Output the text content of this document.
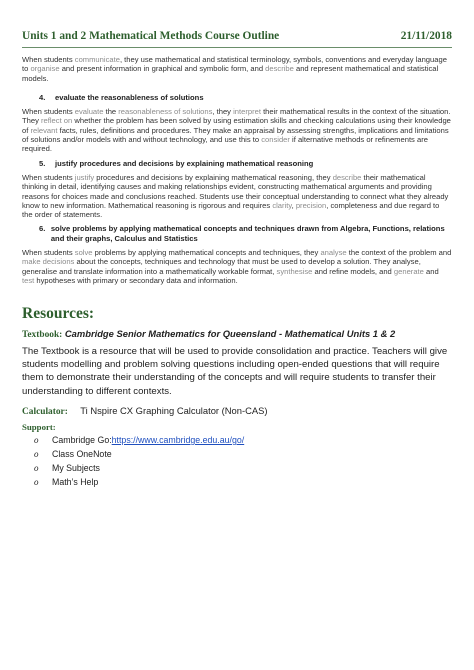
Units 1 and 2 Mathematical Methods Course Outline	21/11/2018

When students communicate, they use mathematical and statistical terminology, symbols, conventions and everyday language to organise and present information in graphical and symbolic form, and describe and represent mathematical and statistical models.

4.	evaluate the reasonableness of solutions

When students evaluate the reasonableness of solutions, they interpret their mathematical results in the context of the situation. They reflect on whether the problem has been solved by using estimation skills and checking calculations using their knowledge of relevant facts, rules, definitions and procedures. They make an appraisal by assessing strengths, implications and limitations of solutions and/or models with and without technology, and use this to consider if alternative methods or refinements are required.

5.	justify procedures and decisions by explaining mathematical reasoning

When students justify procedures and decisions by explaining mathematical reasoning, they describe their mathematical thinking in detail, identifying causes and making relationships evident, constructing mathematical arguments and providing reasons for choices made and conclusions reached. Students use their conceptual understanding to connect what they already know to new information. Mathematical reasoning is rigorous and requires clarity, precision, completeness and due regard to the order of statements.

6. solve problems by applying mathematical concepts and techniques drawn from Algebra, Functions, relations and their graphs, Calculus and Statistics

When students solve problems by applying mathematical concepts and techniques, they analyse the context of the problem and make decisions about the concepts, techniques and technology that must be used to develop a solution. They analyse, generalise and translate information into a mathematically workable format, synthesise and refine models, and generate and test hypotheses with primary or secondary data and information.

Resources:
Textbook: Cambridge Senior Mathematics for Queensland - Mathematical Units 1 & 2

The Textbook is a resource that will be used to provide consolidation and practice. Teachers will give students modelling and problem solving questions including open-ended questions that will require them to demonstrate their understanding of the concepts and will require students to transfer their understanding to different contexts.

Calculator: Ti Nspire CX Graphing Calculator (Non-CAS)
Support:
o	Cambridge Go: https://www.cambridge.edu.au/go/
o	Class OneNote
o	My Subjects
o	Math’s Help
